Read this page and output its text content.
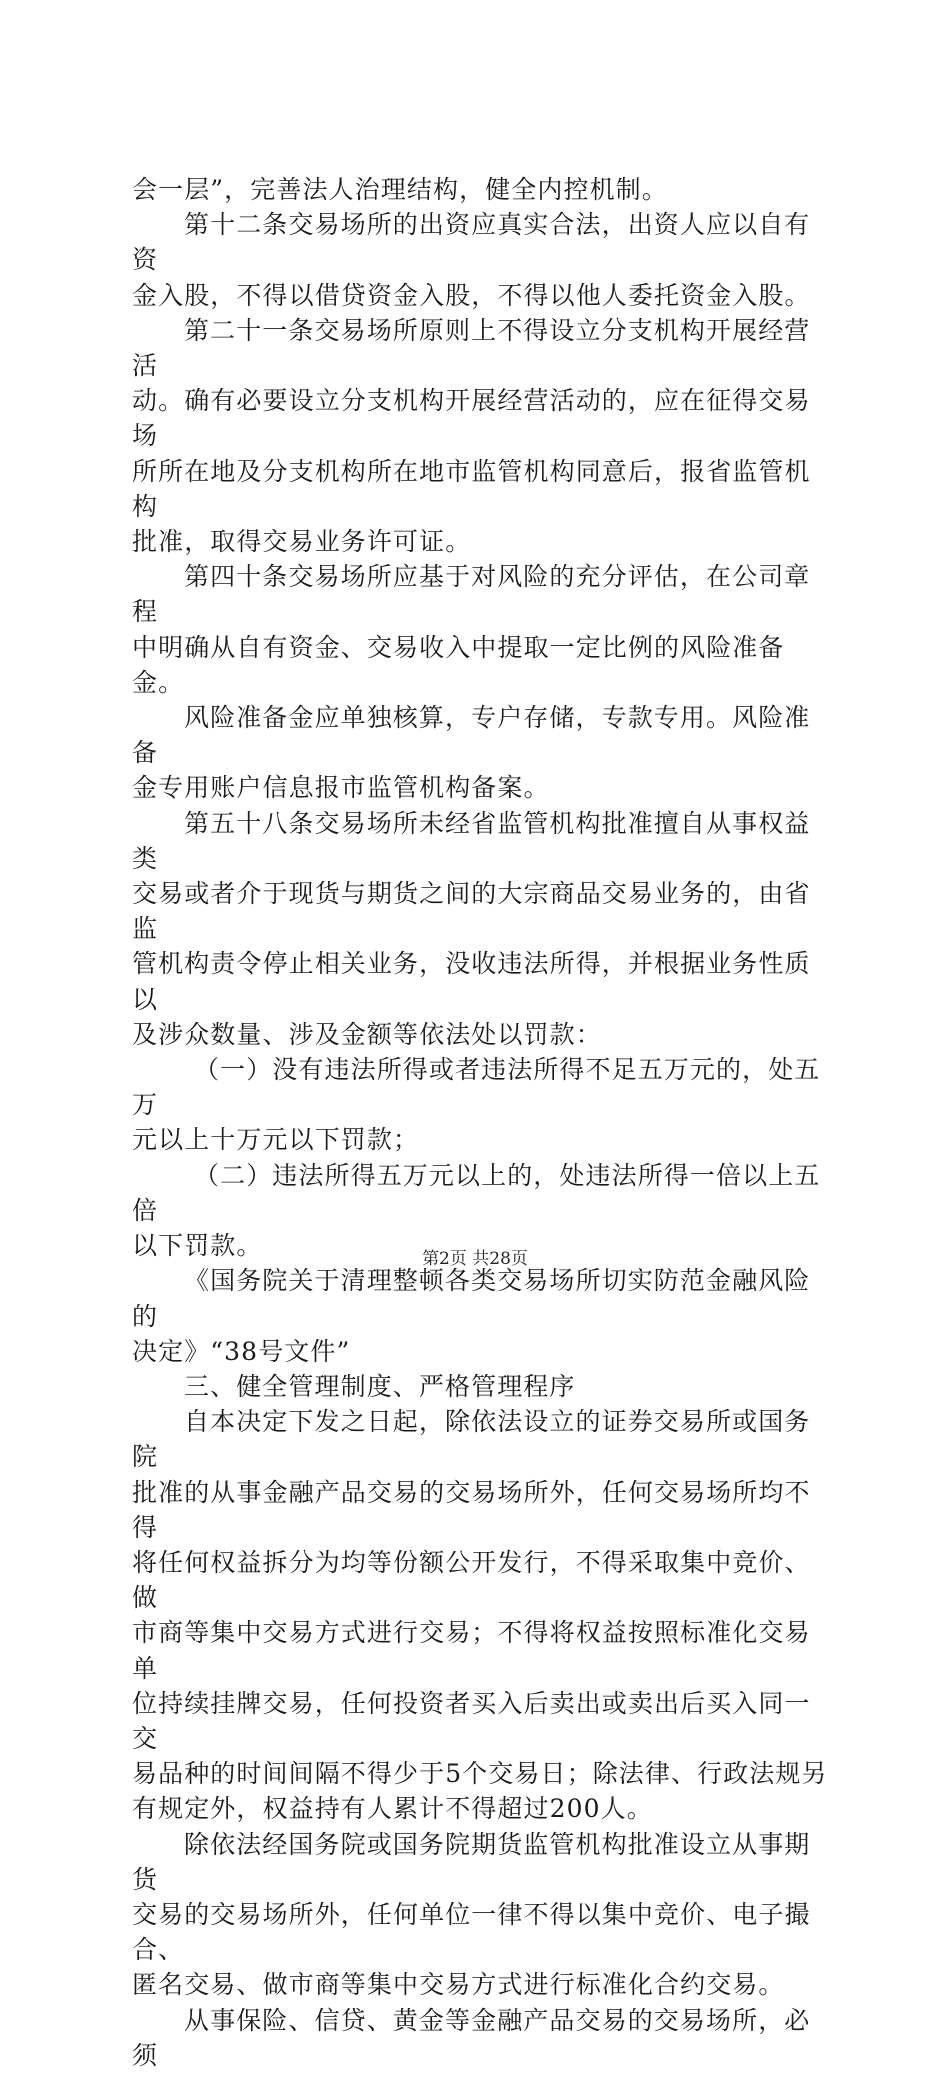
会一层”，完善法人治理结构，健全内控机制。

第十二条交易场所的出资应真实合法，出资人应以自有资
金入股，不得以借贷资金入股，不得以他人委托资金入股。

第二十一条交易场所原则上不得设立分支机构开展经营活
动。确有必要设立分支机构开展经营活动的，应在征得交易场
所所在地及分支机构所在地市监管机构同意后，报省监管机构
批准，取得交易业务许可证。

第四十条交易场所应基于对风险的充分评估，在公司章程
中明确从自有资金、交易收入中提取一定比例的风险准备金。

风险准备金应单独核算，专户存储，专款专用。风险准备
金专用账户信息报市监管机构备案。

第五十八条交易场所未经省监管机构批准擅自从事权益类
交易或者介于现货与期货之间的大宗商品交易业务的，由省监
管机构责令停止相关业务，没收违法所得，并根据业务性质以
及涉众数量、涉及金额等依法处以罚款：

（一）没有违法所得或者违法所得不足五万元的，处五万
元以上十万元以下罚款；

（二）违法所得五万元以上的，处违法所得一倍以上五倍
以下罚款。

《国务院关于清理整顿各类交易场所切实防范金融风险的
决定》“38号文件”

三、健全管理制度、严格管理程序

自本决定下发之日起，除依法设立的证券交易所或国务院
批准的从事金融产品交易的交易场所外，任何交易场所均不得
将任何权益拆分为均等份额公开发行，不得采取集中竞价、做
市商等集中交易方式进行交易；不得将权益按照标准化交易单
位持续挂牌交易，任何投资者买入后卖出或卖出后买入同一交
易品种的时间间隔不得少于5个交易日；除法律、行政法规另
有规定外，权益持有人累计不得超过200人。

除依法经国务院或国务院期货监管机构批准设立从事期货
交易的交易场所外，任何单位一律不得以集中竞价、电子撮合、
匿名交易、做市商等集中交易方式进行标准化合约交易。

从事保险、信贷、黄金等金融产品交易的交易场所，必须

第2页 共28页
